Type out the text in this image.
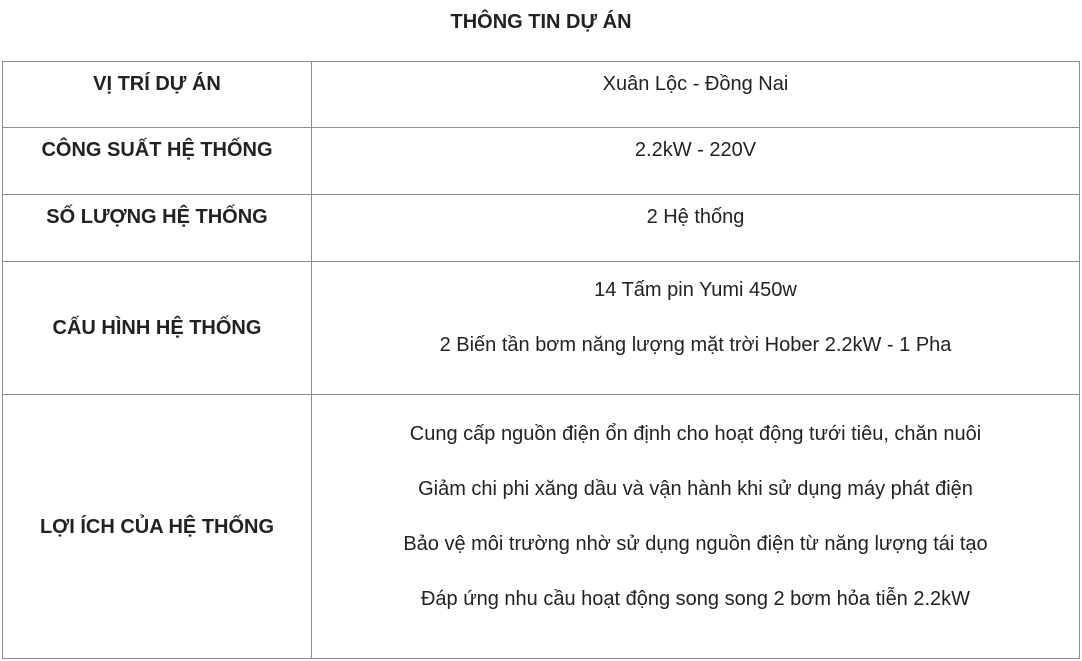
THÔNG TIN DỰ ÁN
VỊ TRÍ DỰ ÁN	Xuân Lộc - Đồng Nai

CÔNG SUẤT HỆ THỐNG	2.2kW - 220V

SỐ LƯỢNG HỆ THỐNG	2 Hệ thống

CẤU HÌNH HỆ THỐNG	14 Tấm pin Yumi 450w
2 Biến tần bơm năng lượng mặt trời Hober 2.2kW - 1 Pha

LỢI ÍCH CỦA HỆ THỐNG	Cung cấp nguồn điện ổn định cho hoạt động tưới tiêu, chăn nuôi
Giảm chi phi xăng dầu và vận hành khi sử dụng máy phát điện
Bảo vệ môi trường nhờ sử dụng nguồn điện từ năng lượng tái tạo
Đáp ứng nhu cầu hoạt động song song 2 bơm hỏa tiễn 2.2kW
